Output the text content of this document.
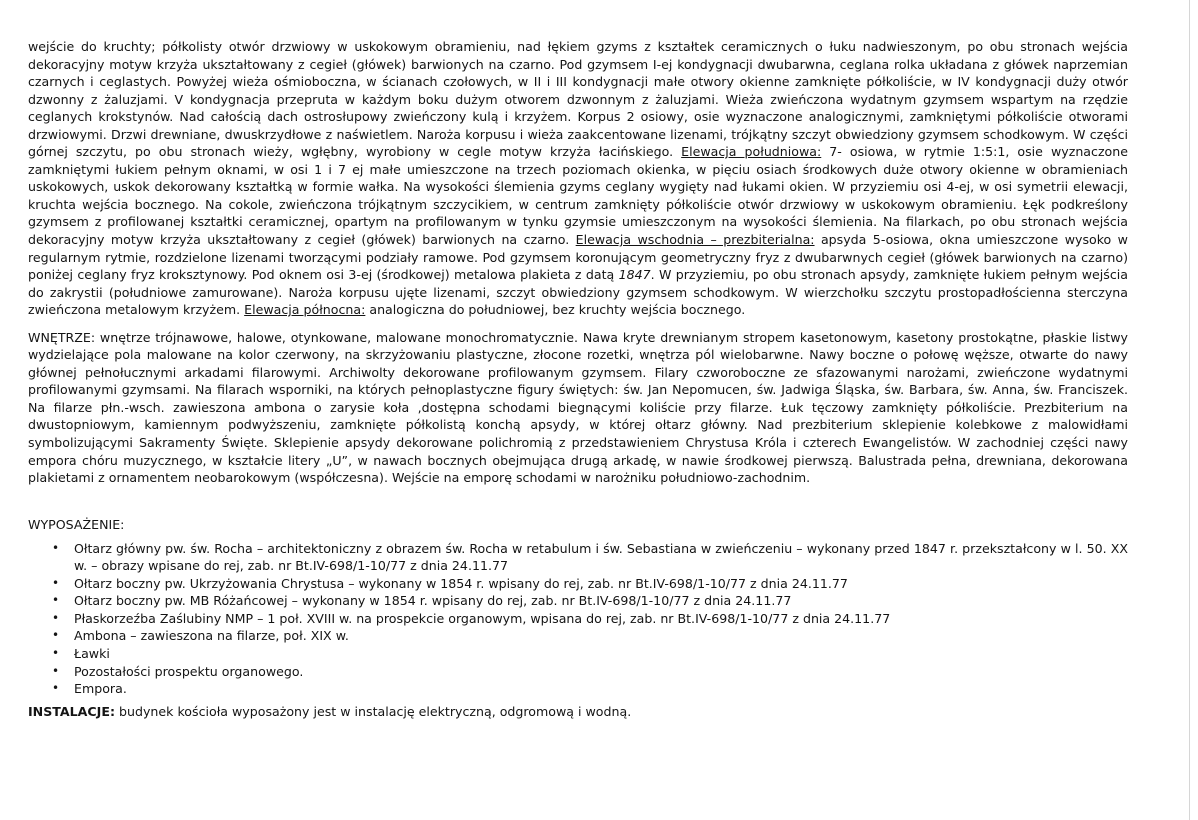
wejście do kruchty; półkolisty otwór drzwiowy w uskokowym obramieniu, nad łękiem gzyms z kształtek ceramicznych o łuku nadwieszonym, po obu stronach wejścia dekoracyjny motyw krzyża ukształtowany z cegieł (główek) barwionych na czarno. Pod gzymsem I-ej kondygnacji dwubarwna, ceglana rolka układana z główek naprzemian czarnych i ceglastych. Powyżej wieża ośmioboczna, w ścianach czołowych, w II i III kondygnacji małe otwory okienne zamknięte półkoliście, w IV kondygnacji duży otwór dzwonny z żaluzjami. V kondygnacja przepruta w każdym boku dużym otworem dzwonnym z żaluzjami. Wieża zwieńczona wydatnym gzymsem wspartym na rzędzie ceglanych krokstynów. Nad całością dach ostrosłupowy zwieńczony kulą i krzyżem. Korpus 2 osiowy, osie wyznaczone analogicznymi, zamkniętymi półkoliście otworami drzwiowymi. Drzwi drewniane, dwuskrzydłowe z naświetlem. Naroża korpusu i wieża zaakcentowane lizenami, trójkątny szczyt obwiedziony gzymsem schodkowym. W części górnej szczytu, po obu stronach wieży, wgłębny, wyrobiony w cegle motyw krzyża łacińskiego. Elewacja południowa: 7- osiowa, w rytmie 1:5:1, osie wyznaczone zamkniętymi łukiem pełnym oknami, w osi 1 i 7 ej małe umieszczone na trzech poziomach okienka, w pięciu osiach środkowych duże otwory okienne w obramieniach uskokowych, uskok dekorowany kształtką w formie wałka. Na wysokości ślemienia gzyms ceglany wygięty nad łukami okien. W przyziemiu osi 4-ej, w osi symetrii elewacji, kruchta wejścia bocznego. Na cokole, zwieńczona trójkątnym szczycikiem, w centrum zamknięty półkoliście otwór drzwiowy w uskokowym obramieniu. Łęk podkreślony gzymsem z profilowanej kształtki ceramicznej, opartym na profilowanym w tynku gzymsie umieszczonym na wysokości ślemienia. Na filarkach, po obu stronach wejścia dekoracyjny motyw krzyża ukształtowany z cegieł (główek) barwionych na czarno. Elewacja wschodnia – prezbiterialna: apsyda 5-osiowa, okna umieszczone wysoko w regularnym rytmie, rozdzielone lizenami tworzącymi podziały ramowe. Pod gzymsem koronującym geometryczny fryz z dwubarwnych cegieł (główek barwionych na czarno) poniżej ceglany fryz kroksztynowy. Pod oknem osi 3-ej (środkowej) metalowa plakieta z datą 1847. W przyziemiu, po obu stronach apsydy, zamknięte łukiem pełnym wejścia do zakrystii (południowe zamurowane). Naroża korpusu ujęte lizenami, szczyt obwiedziony gzymsem schodkowym. W wierzchołku szczytu prostopadłościenna sterczyna zwieńczona metalowym krzyżem. Elewacja północna: analogiczna do południowej, bez kruchty wejścia bocznego.

WNĘTRZE: wnętrze trójnawowe, halowe, otynkowane, malowane monochromatycznie. Nawa kryte drewnianym stropem kasetonowym, kasetony prostokątne, płaskie listwy wydzielające pola malowane na kolor czerwony, na skrzyżowaniu plastyczne, złocone rozetki, wnętrza pól wielobarwne. Nawy boczne o połowę węższe, otwarte do nawy głównej pełnołucznymi arkadami filarowymi. Archiwolty dekorowane profilowanym gzymsem. Filary czworoboczne ze sfazowanymi narożami, zwieńczone wydatnymi profilowanymi gzymsami. Na filarach wsporniki, na których pełnoplastyczne figury świętych: św. Jan Nepomucen, św. Jadwiga Śląska, św. Barbara, św. Anna, św. Franciszek. Na filarze płn.-wsch. zawieszona ambona o zarysie koła ,dostępna schodami biegnącymi koliście przy filarze. Łuk tęczowy zamknięty półkoliście. Prezbiterium na dwustopniowym, kamiennym podwyższeniu, zamknięte półkolistą konchą apsydy, w której ołtarz główny. Nad prezbiterium sklepienie kolebkowe z malowidłami symbolizującymi Sakramenty Święte. Sklepienie apsydy dekorowane polichromią z przedstawieniem Chrystusa Króla i czterech Ewangelistów. W zachodniej części nawy empora chóru muzycznego, w kształcie litery „U”, w nawach bocznych obejmująca drugą arkadę, w nawie środkowej pierwszą. Balustrada pełna, drewniana, dekorowana plakietami z ornamentem neobarokowym (współczesna). Wejście na emporę schodami w narożniku południowo-zachodnim.

WYPOSAŻENIE:

• Ołtarz główny pw. św. Rocha – architektoniczny z obrazem św. Rocha w retabulum i św. Sebastiana w zwieńczeniu – wykonany przed 1847 r. przekształcony w l. 50. XX w. – obrazy wpisane do rej, zab. nr Bt.IV-698/1-10/77 z dnia 24.11.77
• Ołtarz boczny pw. Ukrzyżowania Chrystusa – wykonany w 1854 r. wpisany do rej, zab. nr Bt.IV-698/1-10/77 z dnia 24.11.77
• Ołtarz boczny pw. MB Różańcowej – wykonany w 1854 r. wpisany do rej, zab. nr Bt.IV-698/1-10/77 z dnia 24.11.77
• Płaskorzeźba Zaślubiny NMP – 1 poł. XVIII w. na prospekcie organowym, wpisana do rej, zab. nr Bt.IV-698/1-10/77 z dnia 24.11.77
• Ambona – zawieszona na filarze, poł. XIX w.
• Ławki
• Pozostałości prospektu organowego.
• Empora.

INSTALACJE: budynek kościoła wyposażony jest w instalację elektryczną, odgromową i wodną.
